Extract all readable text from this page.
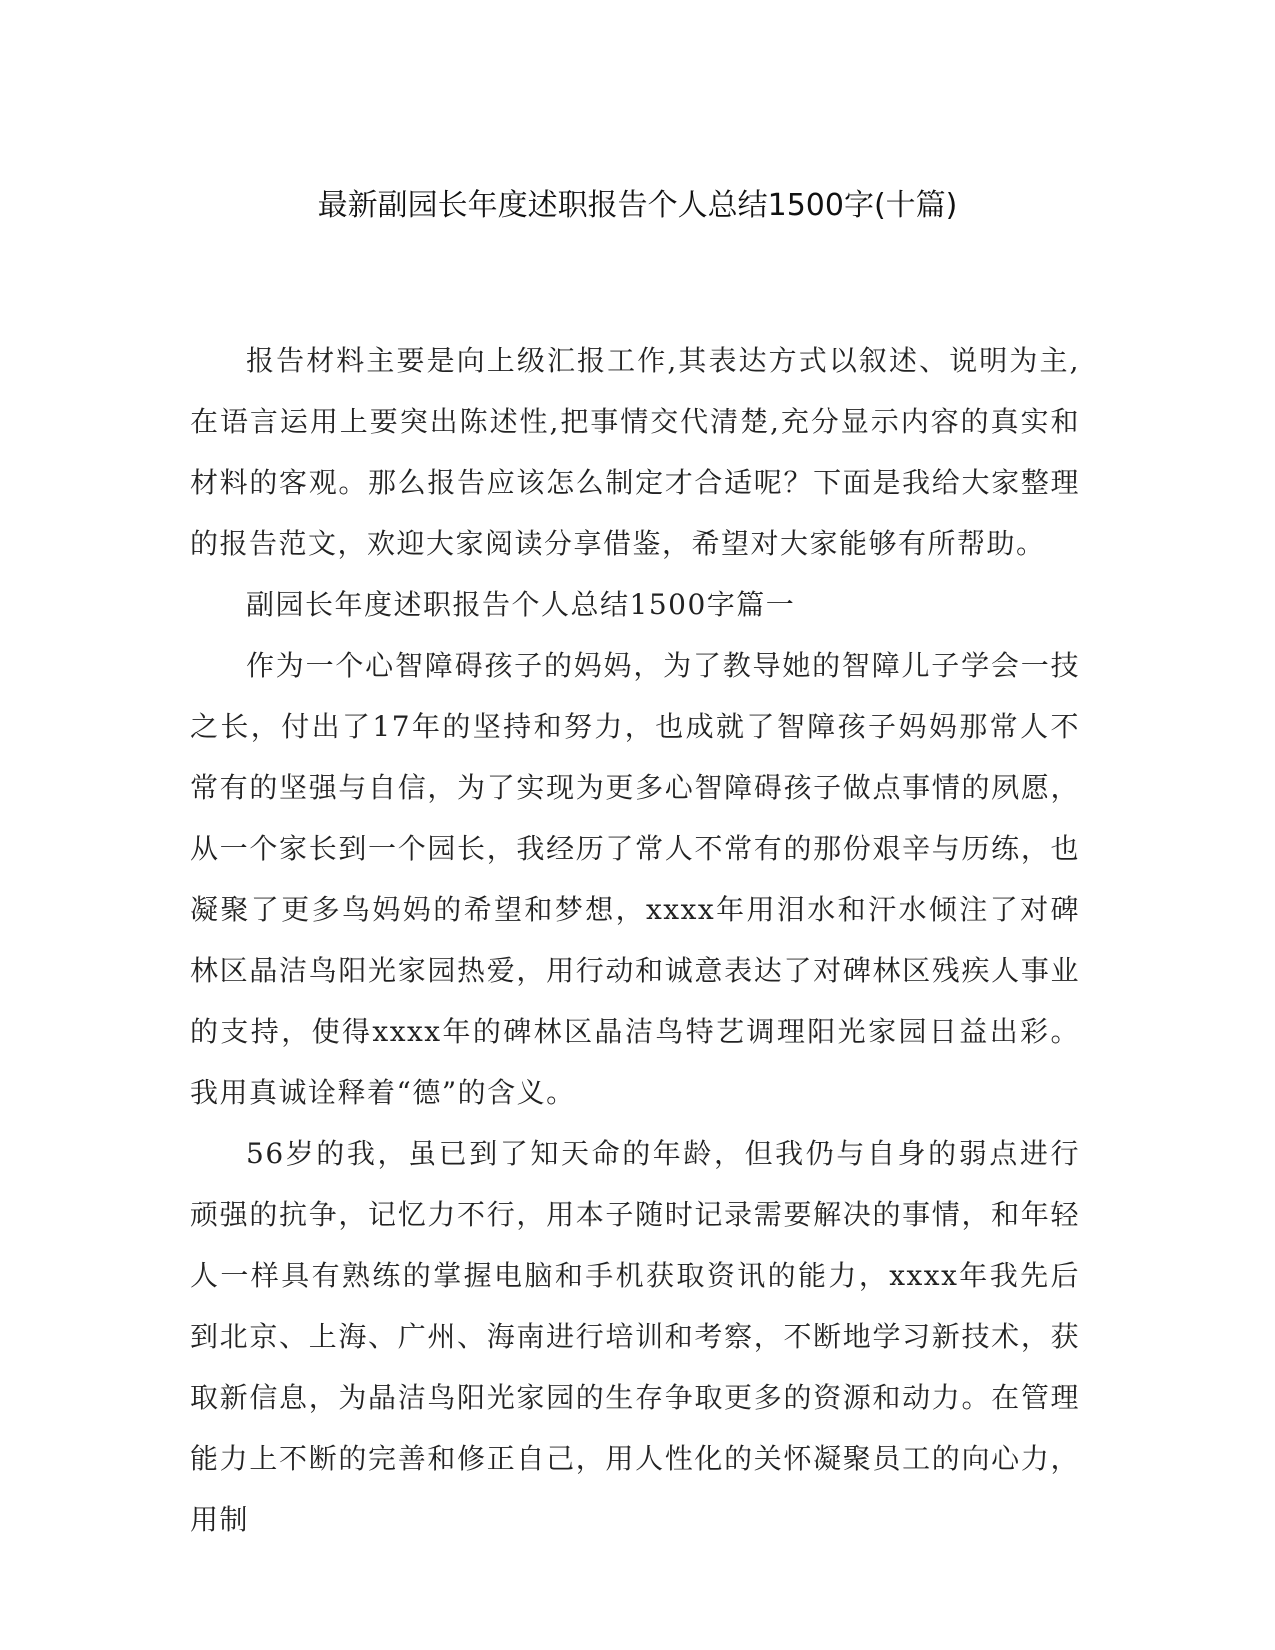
最新副园长年度述职报告个人总结1500字(十篇)

报告材料主要是向上级汇报工作,其表达方式以叙述、说明为主,在语言运用上要突出陈述性,把事情交代清楚,充分显示内容的真实和材料的客观。那么报告应该怎么制定才合适呢？下面是我给大家整理的报告范文，欢迎大家阅读分享借鉴，希望对大家能够有所帮助。

副园长年度述职报告个人总结1500字篇一

作为一个心智障碍孩子的妈妈，为了教导她的智障儿子学会一技之长，付出了17年的坚持和努力，也成就了智障孩子妈妈那常人不常有的坚强与自信，为了实现为更多心智障碍孩子做点事情的夙愿，从一个家长到一个园长，我经历了常人不常有的那份艰辛与历练，也凝聚了更多鸟妈妈的希望和梦想，xxxx年用泪水和汗水倾注了对碑林区晶洁鸟阳光家园热爱，用行动和诚意表达了对碑林区残疾人事业的支持，使得xxxx年的碑林区晶洁鸟特艺调理阳光家园日益出彩。我用真诚诠释着“德”的含义。

56岁的我，虽已到了知天命的年龄，但我仍与自身的弱点进行顽强的抗争，记忆力不行，用本子随时记录需要解决的事情，和年轻人一样具有熟练的掌握电脑和手机获取资讯的能力，xxxx年我先后到北京、上海、广州、海南进行培训和考察，不断地学习新技术，获取新信息，为晶洁鸟阳光家园的生存争取更多的资源和动力。在管理能力上不断的完善和修正自己，用人性化的关怀凝聚员工的向心力，用制
